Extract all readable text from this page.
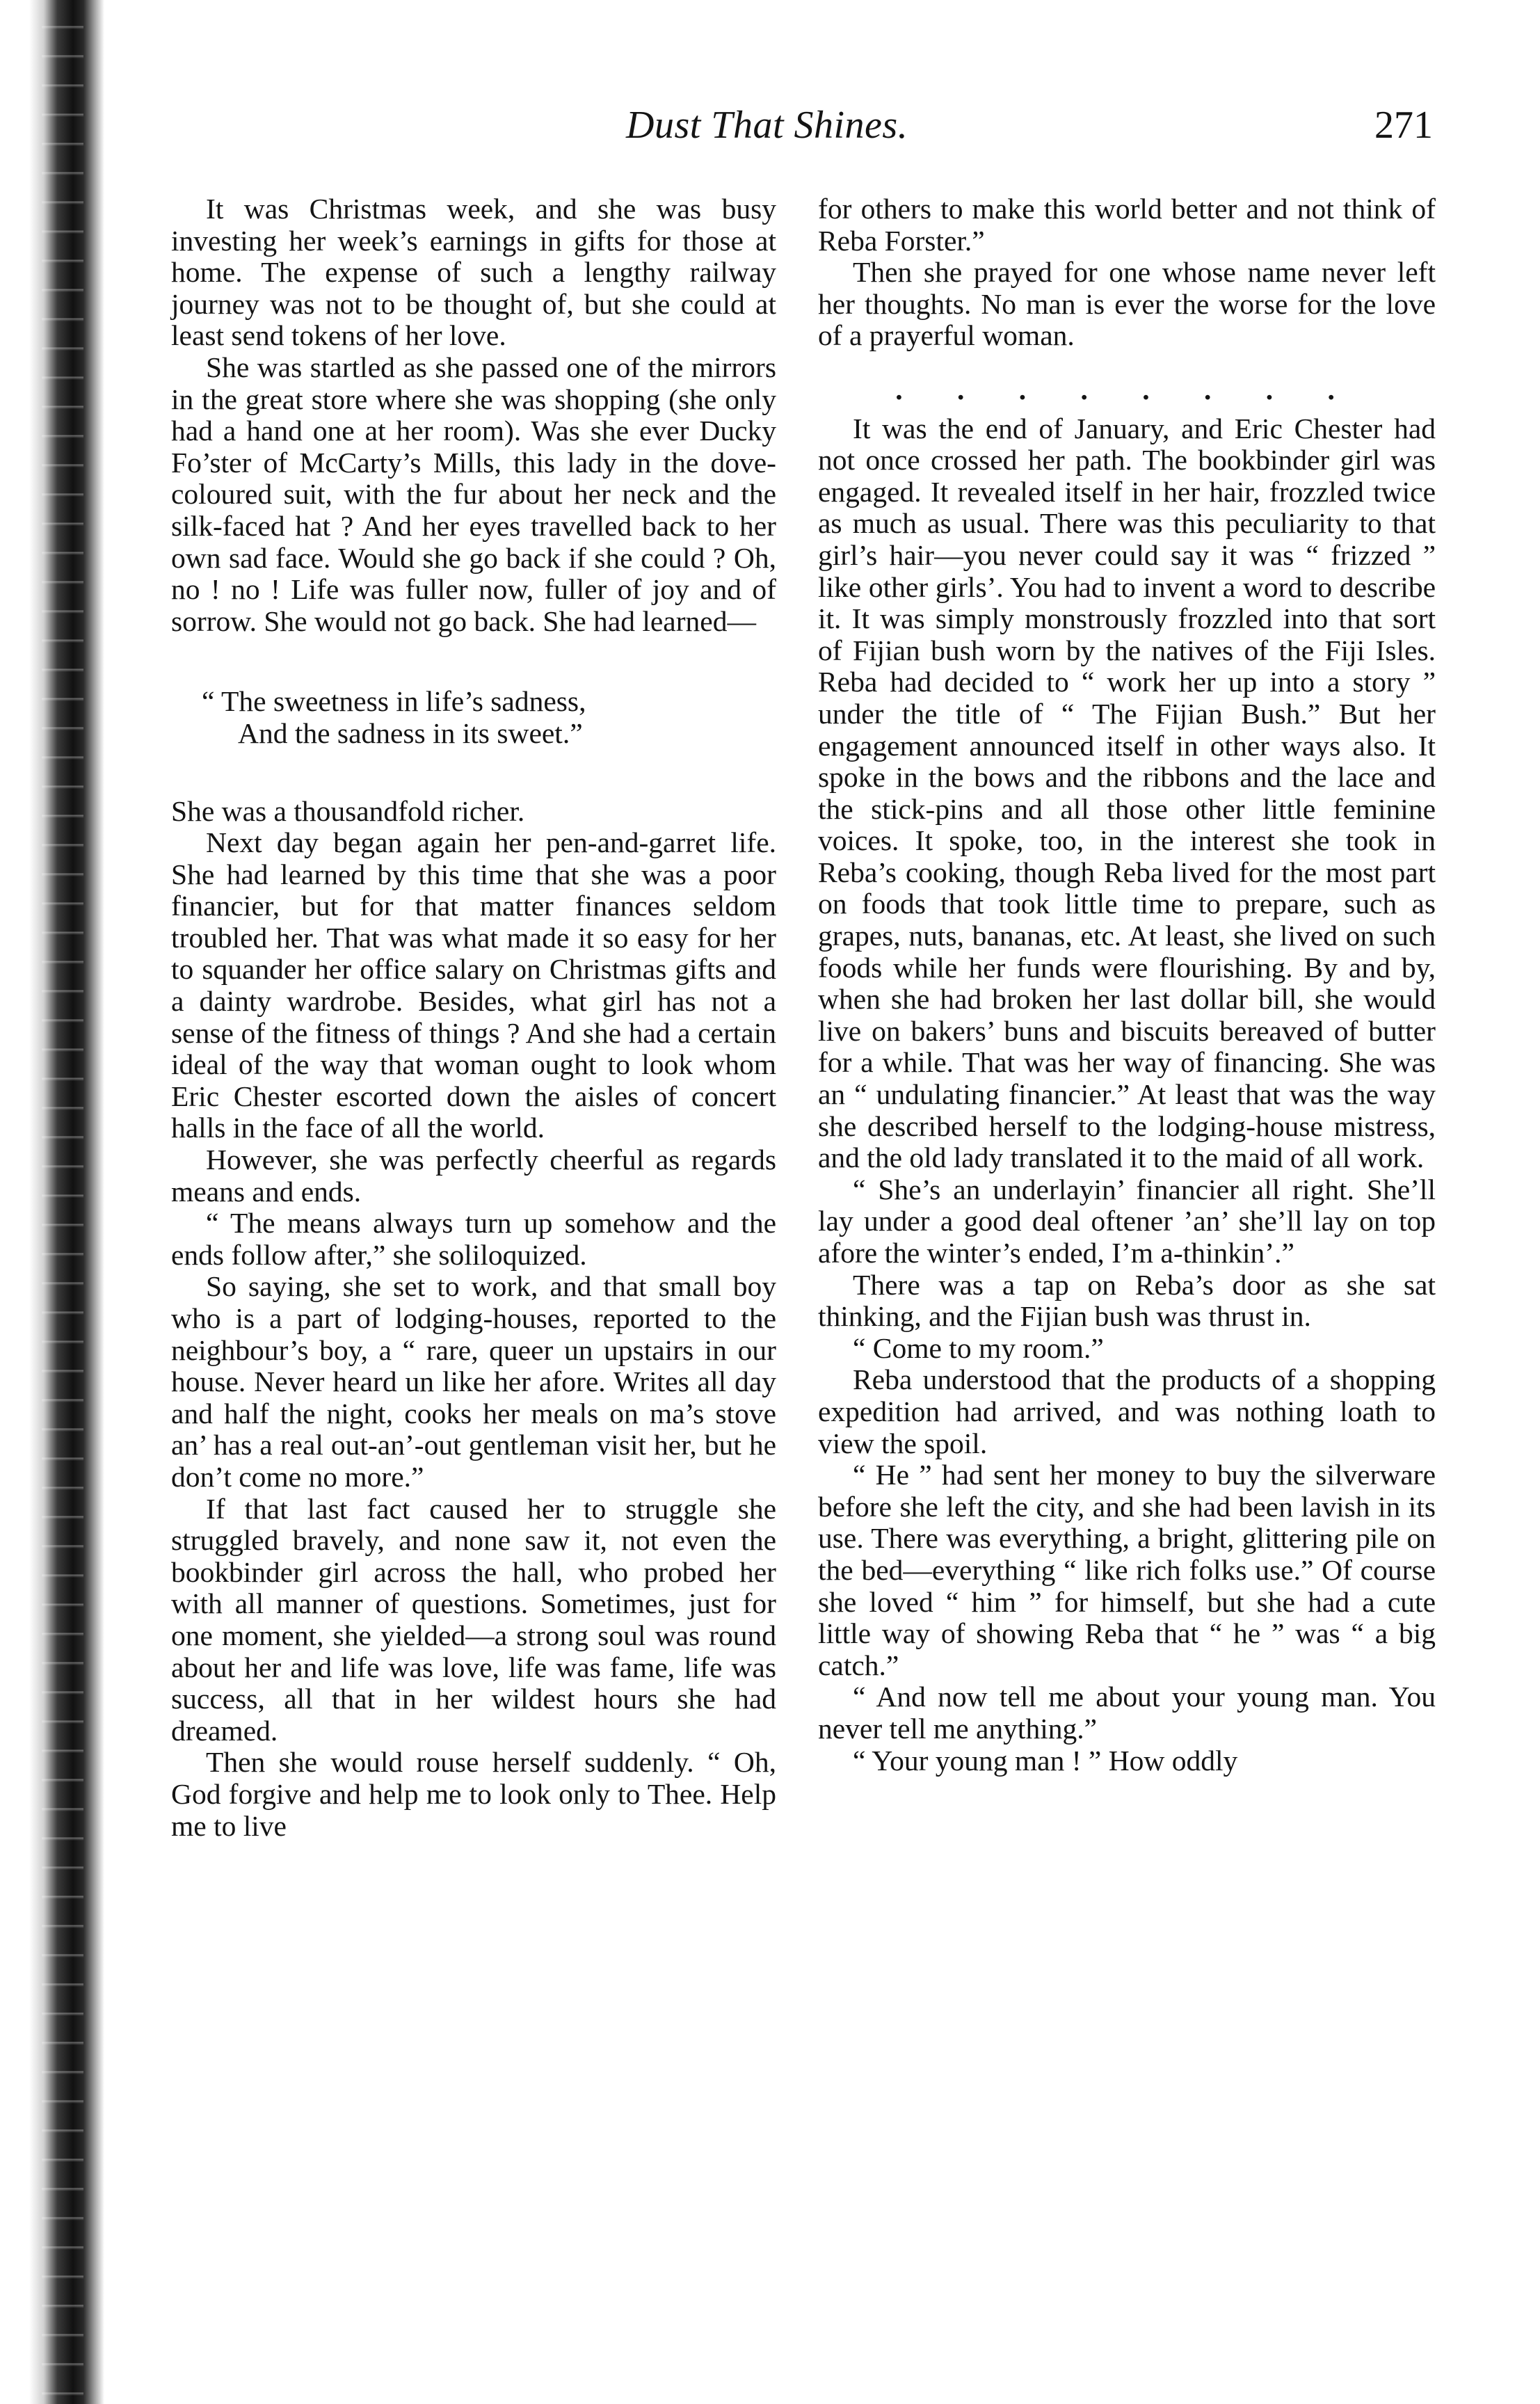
Dust That Shines.	271

It was Christmas week, and she was busy investing her week’s earnings in gifts for those at home. The expense of such a lengthy railway journey was not to be thought of, but she could at least send tokens of her love.

She was startled as she passed one of the mirrors in the great store where she was shopping (she only had a hand one at her room). Was she ever Ducky Fo’ster of McCarty’s Mills, this lady in the dove-coloured suit, with the fur about her neck and the silk-faced hat ? And her eyes travelled back to her own sad face. Would she go back if she could ? Oh, no ! no ! Life was fuller now, fuller of joy and of sorrow. She would not go back. She had learned—

“ The sweetness in life’s sadness,
And the sadness in its sweet.”

She was a thousandfold richer.

Next day began again her pen-and-garret life. She had learned by this time that she was a poor financier, but for that matter finances seldom troubled her. That was what made it so easy for her to squander her office salary on Christmas gifts and a dainty wardrobe. Besides, what girl has not a sense of the fitness of things ? And she had a certain ideal of the way that woman ought to look whom Eric Chester escorted down the aisles of concert halls in the face of all the world.

However, she was perfectly cheerful as regards means and ends.

“ The means always turn up somehow and the ends follow after,” she soliloquized.

So saying, she set to work, and that small boy who is a part of lodging-houses, reported to the neighbour’s boy, a “ rare, queer un upstairs in our house. Never heard un like her afore. Writes all day and half the night, cooks her meals on ma’s stove an’ has a real out-an’-out gentleman visit her, but he don’t come no more.”

If that last fact caused her to struggle she struggled bravely, and none saw it, not even the bookbinder girl across the hall, who probed her with all manner of questions. Sometimes, just for one moment, she yielded—a strong soul was round about her and life was love, life was fame, life was success, all that in her wildest hours she had dreamed.

Then she would rouse herself suddenly. “ Oh, God forgive and help me to look only to Thee. Help me to live

for others to make this world better and not think of Reba Forster.”

Then she prayed for one whose name never left her thoughts. No man is ever the worse for the love of a prayerful woman.

. . . . . . . .

It was the end of January, and Eric Chester had not once crossed her path. The bookbinder girl was engaged. It revealed itself in her hair, frozzled twice as much as usual. There was this peculiarity to that girl’s hair—you never could say it was “ frizzed ” like other girls’. You had to invent a word to describe it. It was simply monstrously frozzled into that sort of Fijian bush worn by the natives of the Fiji Isles. Reba had decided to “ work her up into a story ” under the title of “ The Fijian Bush.” But her engagement announced itself in other ways also. It spoke in the bows and the ribbons and the lace and the stick-pins and all those other little feminine voices. It spoke, too, in the interest she took in Reba’s cooking, though Reba lived for the most part on foods that took little time to prepare, such as grapes, nuts, bananas, etc. At least, she lived on such foods while her funds were flourishing. By and by, when she had broken her last dollar bill, she would live on bakers’ buns and biscuits bereaved of butter for a while. That was her way of financing. She was an “ undulating financier.” At least that was the way she described herself to the lodging-house mistress, and the old lady translated it to the maid of all work.

“ She’s an underlayin’ financier all right. She’ll lay under a good deal oftener ’an’ she’ll lay on top afore the winter’s ended, I’m a-thinkin’.”

There was a tap on Reba’s door as she sat thinking, and the Fijian bush was thrust in.

“ Come to my room.”

Reba understood that the products of a shopping expedition had arrived, and was nothing loath to view the spoil.

“ He ” had sent her money to buy the silverware before she left the city, and she had been lavish in its use. There was everything, a bright, glittering pile on the bed—everything “ like rich folks use.” Of course she loved “ him ” for himself, but she had a cute little way of showing Reba that “ he ” was “ a big catch.”

“ And now tell me about your young man. You never tell me anything.”

“ Your young man ! ” How oddly
